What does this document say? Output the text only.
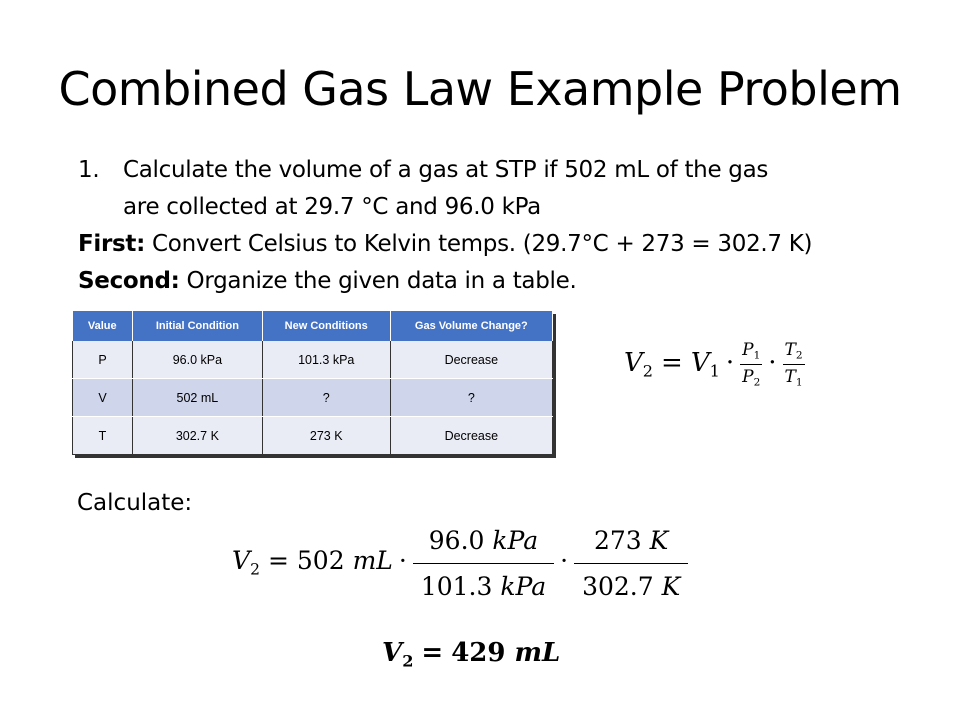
Combined Gas Law Example Problem
1.	Calculate the volume of a gas at STP if 502 mL of the gas
are collected at 29.7 °C and 96.0 kPa
First: Convert Celsius to Kelvin temps. (29.7°C + 273 = 302.7 K)
Second: Organize the given data in a table.
Value	Initial Condition	New Conditions	Gas Volume Change?
P	96.0 kPa	101.3 kPa	Decrease
V	502 mL	?	?
T	302.7 K	273 K	Decrease
$V_2 = V_1 \cdot \frac{P_1}{P_2} \cdot \frac{T_2}{T_1}$
Calculate:
$V_2 = 502$ mL · $\frac{\text{96.0 kPa}}{\text{101.3 kPa}} \cdot \frac{273 K}{302.7 K}$
$V_2 = 429$ mL
